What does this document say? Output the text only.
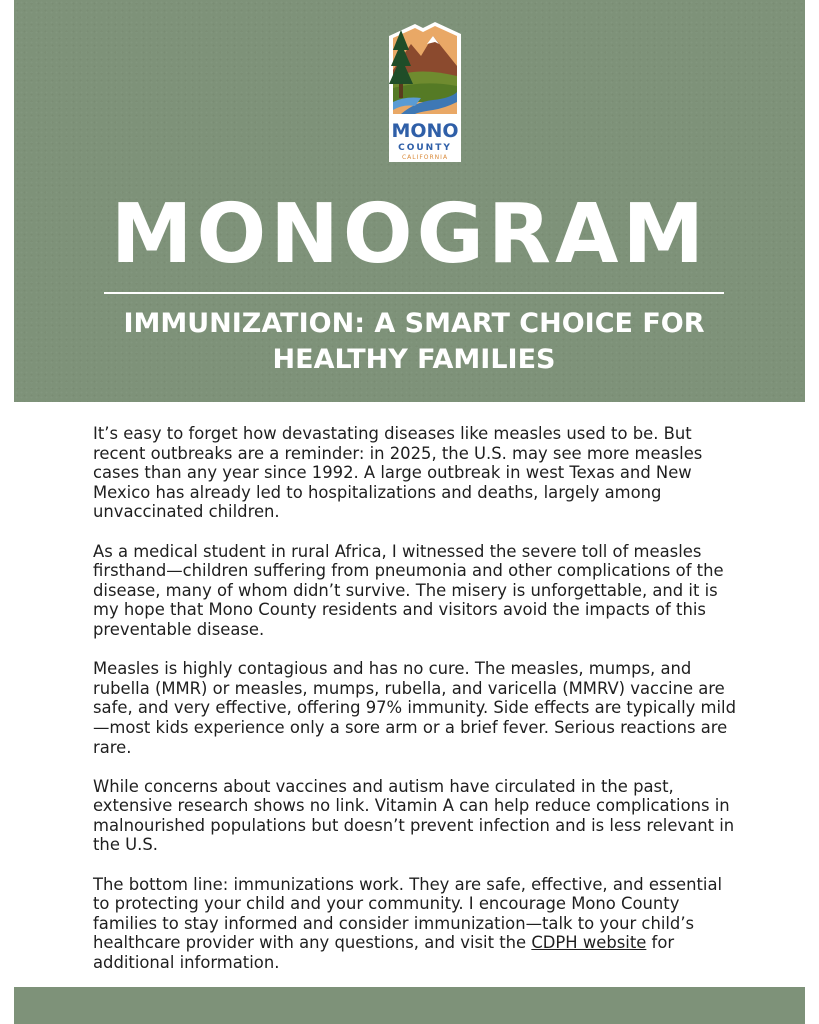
MONO
COUNTY
CALIFORNIA
MONOGRAM
IMMUNIZATION: A SMART CHOICE FOR
HEALTHY FAMILIES

It’s easy to forget how devastating diseases like measles used to be. But recent outbreaks are a reminder: in 2025, the U.S. may see more measles cases than any year since 1992. A large outbreak in west Texas and New Mexico has already led to hospitalizations and deaths, largely among unvaccinated children.

As a medical student in rural Africa, I witnessed the severe toll of measles firsthand—children suffering from pneumonia and other complications of the disease, many of whom didn’t survive. The misery is unforgettable, and it is my hope that Mono County residents and visitors avoid the impacts of this preventable disease.

Measles is highly contagious and has no cure. The measles, mumps, and rubella (MMR) or measles, mumps, rubella, and varicella (MMRV) vaccine are safe, and very effective, offering 97% immunity. Side effects are typically mild—most kids experience only a sore arm or a brief fever. Serious reactions are rare.

While concerns about vaccines and autism have circulated in the past, extensive research shows no link. Vitamin A can help reduce complications in malnourished populations but doesn’t prevent infection and is less relevant in the U.S.

The bottom line: immunizations work. They are safe, effective, and essential to protecting your child and your community. I encourage Mono County families to stay informed and consider immunization—talk to your child’s healthcare provider with any questions, and visit the CDPH website for additional information.
